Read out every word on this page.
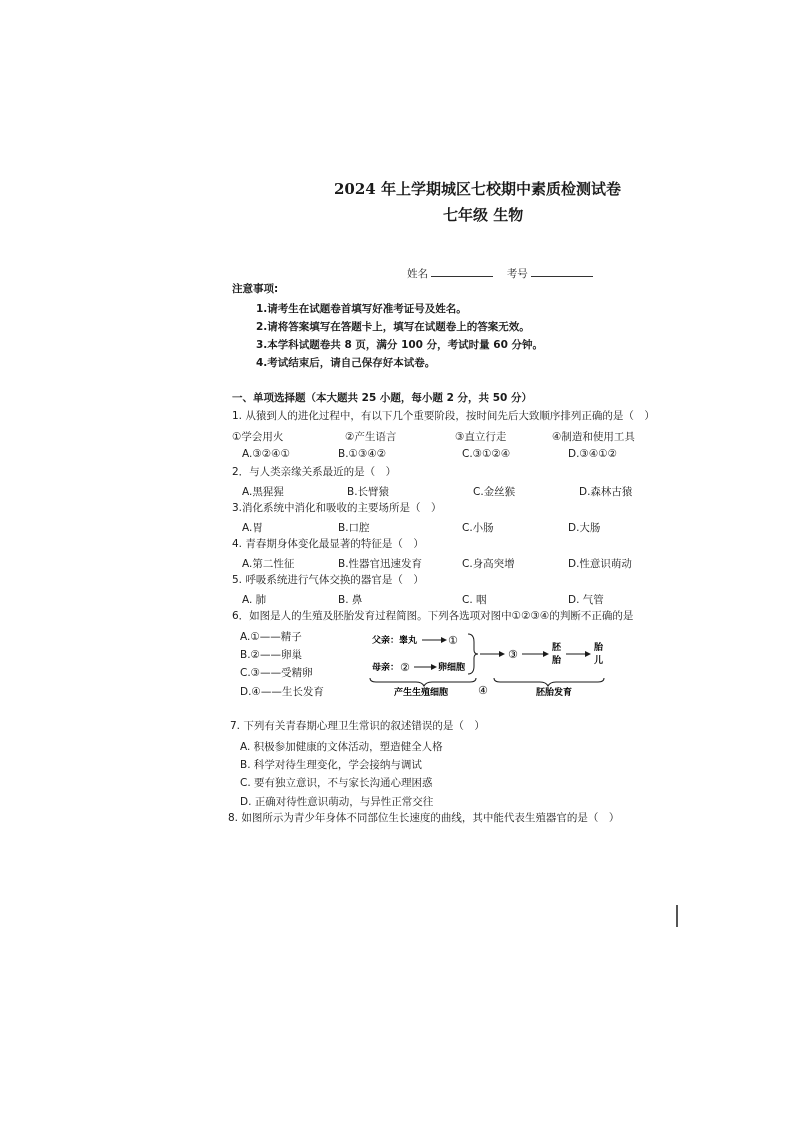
2024 年上学期城区七校期中素质检测试卷
七年级 生物
姓名	考号
注意事项:
1.请考生在试题卷首填写好准考证号及姓名。
2.请将答案填写在答题卡上，填写在试题卷上的答案无效。
3.本学科试题卷共 8 页，满分 100 分，考试时量 60 分钟。
4.考试结束后，请自己保存好本试卷。
一、单项选择题（本大题共 25 小题，每小题 2 分，共 50 分）
1. 从猿到人的进化过程中，有以下几个重要阶段，按时间先后大致顺序排列正确的是（　）
①学会用火	②产生语言	③直立行走	④制造和使用工具
A.③②④①	B.①③④②	C.③①②④	D.③④①②
2．与人类亲缘关系最近的是（　）
A.黑猩猩	B.长臂猿	C.金丝猴	D.森林古猿
3.消化系统中消化和吸收的主要场所是（　）
A.胃	B.口腔	C.小肠	D.大肠
4. 青春期身体变化最显著的特征是（　）
A.第二性征	B.性器官迅速发育	C.身高突增	D.性意识萌动
5. 呼吸系统进行气体交换的器官是（　）
A. 肺	B. 鼻	C. 咽	D. 气管
6．如图是人的生殖及胚胎发育过程简图。下列各选项对图中①②③④的判断不正确的是
A.①——精子
B.②——卵巢
C.③——受精卵
D.④——生长发育
父亲：睾丸	①
母亲： ②	卵细胞
③	胚
胎
胎
儿
产生生殖细胞	④	胚胎发育
7. 下列有关青春期心理卫生常识的叙述错误的是（　）
A. 积极参加健康的文体活动，塑造健全人格
B. 科学对待生理变化，学会接纳与调试
C. 要有独立意识，不与家长沟通心理困惑
D. 正确对待性意识萌动，与异性正常交往
8. 如图所示为青少年身体不同部位生长速度的曲线，其中能代表生殖器官的是（　）
